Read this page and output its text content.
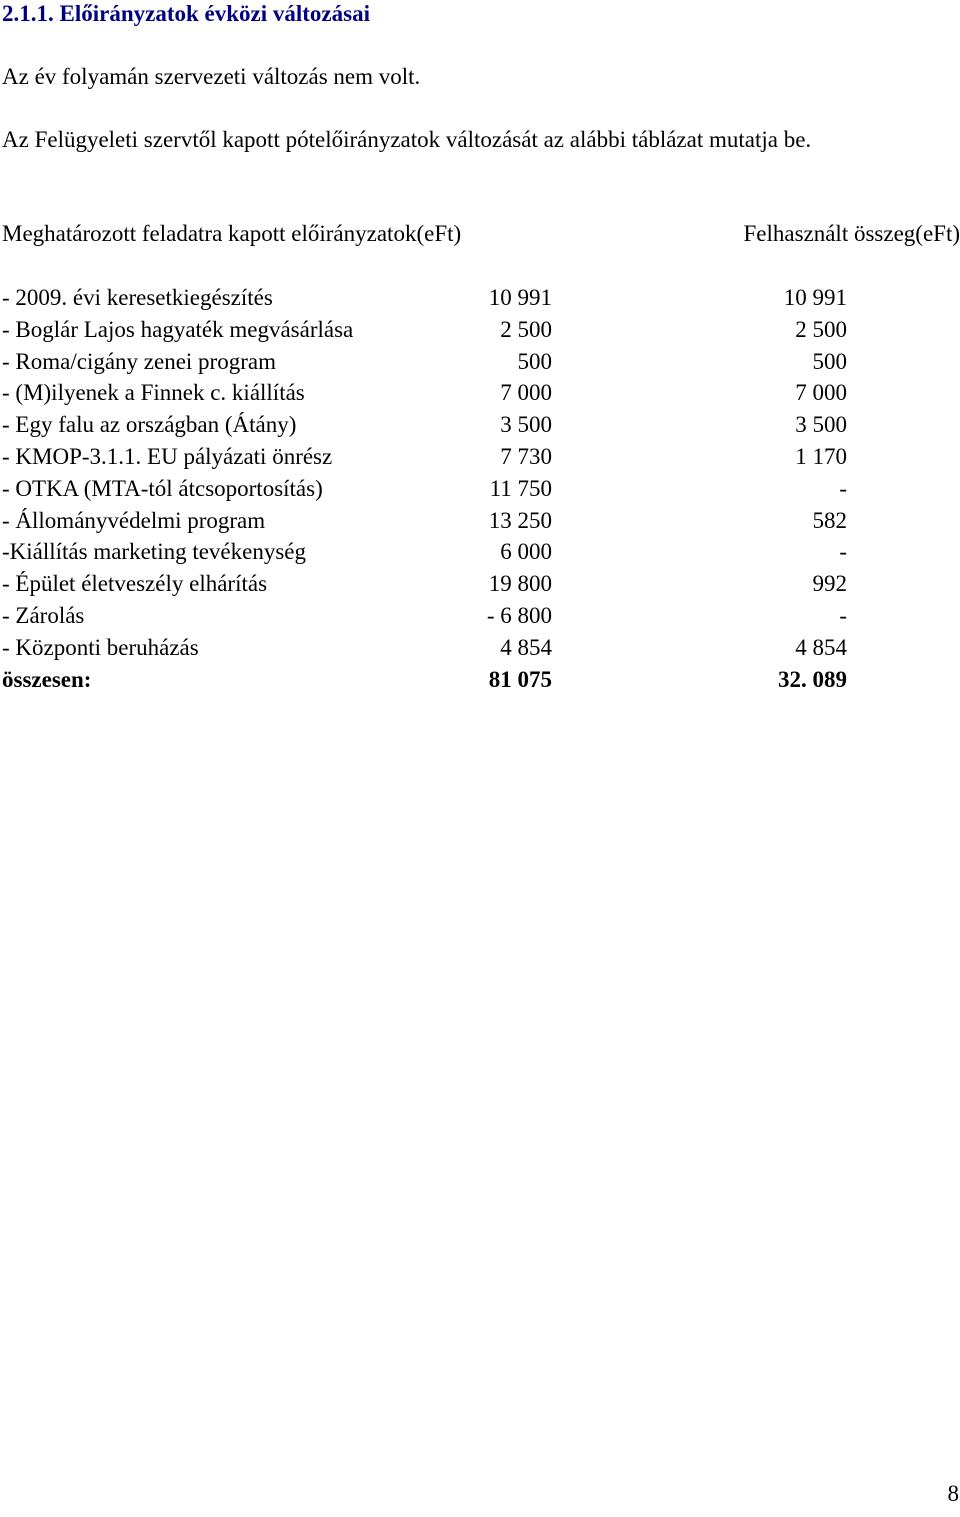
2.1.1. Előirányzatok évközi változásai
Az év folyamán szervezeti változás nem volt.
Az Felügyeleti szervtől kapott pótelőirányzatok változását az alábbi táblázat mutatja be.
Meghatározott feladatra kapott előirányzatok(eFt)	Felhasznált összeg(eFt)
- 2009. évi keresetkiegészítés	10 991	10 991
- Boglár Lajos hagyaték megvásárlása	2 500	2 500
- Roma/cigány zenei program	500	500
- (M)ilyenek a Finnek c. kiállítás	7 000	7 000
- Egy falu az országban (Átány)	3 500	3 500
- KMOP-3.1.1. EU pályázati önrész	7 730	1 170
- OTKA (MTA-tól átcsoportosítás)	11 750	-
- Állományvédelmi program	13 250	582
-Kiállítás marketing tevékenység	6 000	-
- Épület életveszély elhárítás	19 800	992
- Zárolás	- 6 800	-
- Központi beruházás	4 854	4 854
összesen:	81 075	32. 089
8
